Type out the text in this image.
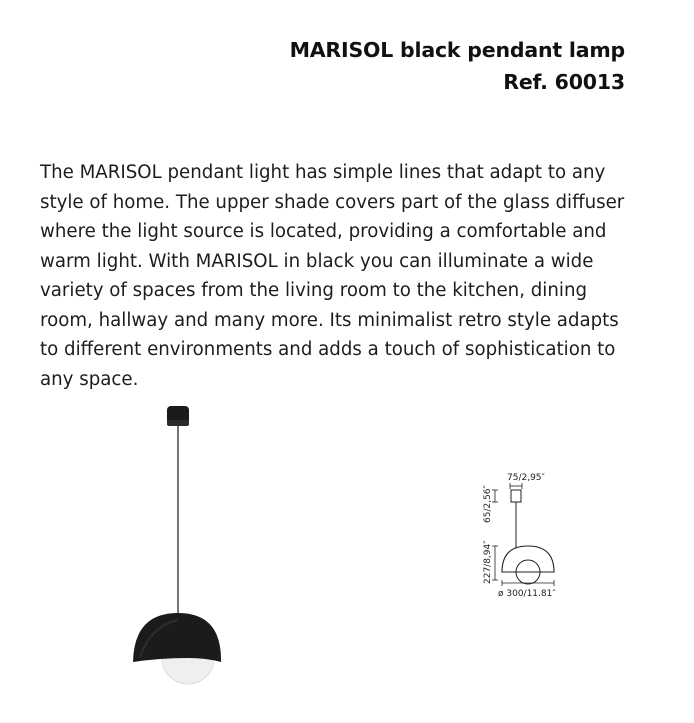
MARISOL black pendant lamp
Ref. 60013

The MARISOL pendant light has simple lines that adapt to any style of home. The upper shade covers part of the glass diffuser where the light source is located, providing a comfortable and warm light. With MARISOL in black you can illuminate a wide variety of spaces from the living room to the kitchen, dining room, hallway and many more. Its minimalist retro style adapts to different environments and adds a touch of sophistication to any space.

75/2,95″
65/2,56″
227/8,94″
ø 300/11.81″
